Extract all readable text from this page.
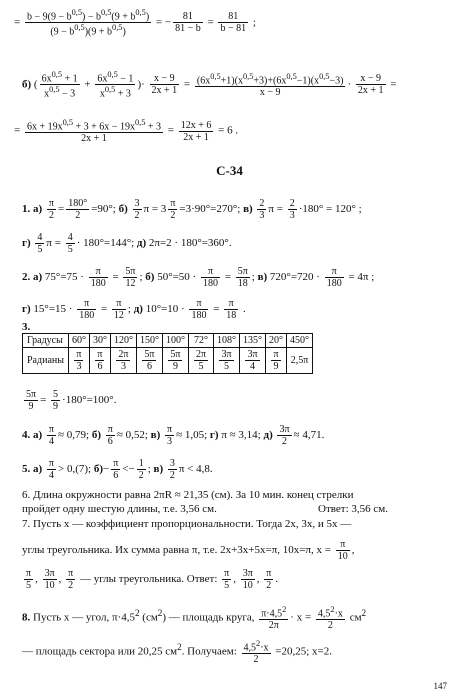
= $\frac{b - 9(9 - b^{0,5}) - b^{0,5}(9 + b^{0,5})}{(9 - b^{0,5})(9 + b^{0,5})}$ = − $\frac{81}{81 - b} = \frac{81}{b - 81}$ ;
б) ( $\frac{6x^{0,5} + 1}{x^{0,5} - 3} + \frac{6x^{0,5} - 1}{x^{0,5} + 3}$ )· $\frac{x - 9}{2x + 1} = \frac{(6x^{0,5}+1)(x^{0,5}+3)+(6x^{0,5}-1)(x^{0,5}-3)}{x - 9} \cdot \frac{x - 9}{2x + 1}$ =
= $\frac{6x + 19x^{0,5} + 3 + 6x - 19x^{0,5} + 3}{2x + 1} = \frac{12x + 6}{2x + 1} = 6$ .
С-34
1. $а) \frac{\pi}{2} = \frac{180^\circ}{2} =90^\circ$; $б) \frac{3}{2}$ $\pi = 3 \frac{\pi}{2} =3\cdot 90^\circ=270^\circ$; $в) \frac{2}{3}$ $\pi = \frac{2}{3} \cdot 180^\circ = 120^\circ$ ;
$г) \frac{4}{5}$ $\pi = \frac{4}{5} \cdot 180^\circ=144^\circ$; д) 2π=2 · 180°=360°.
2. а) $75^\circ=75 \cdot \frac{\pi}{180} = \frac{5\pi}{12}$ ; б) $50^\circ=50 \cdot \frac{\pi}{180} = \frac{5\pi}{18}$ ; в) $720^\circ=720 \cdot \frac{\pi}{180} = 4\pi$ ;
г) $15^\circ=15 \cdot \frac{\pi}{180} = \frac{\pi}{12}$ ; д) $10^\circ=10 \cdot \frac{\pi}{180} = \frac{\pi}{18}$ .
3.
Градусы	60°	30°	120°	150°	100°	72°	108°	135°	20°	450°
Радианы	$\frac{\pi}{3}$	$\frac{\pi}{6}$	$\frac{2\pi}{3}$	$\frac{5\pi}{6}$	$\frac{5\pi}{9}$	$\frac{2\pi}{5}$	$\frac{3\pi}{5}$	$\frac{3\pi}{4}$	$\frac{\pi}{9}$	2,5π
$\frac{5\pi}{9} = \frac{5}{9} \cdot 180^\circ=100^\circ$.
4. $а) \frac{\pi}{4} \approx 0,79$; $б) \frac{\pi}{6} \approx 0,52$; $в) \frac{\pi}{3} \approx 1,05$; г) π ≈ 3,14; $д) \frac{3\pi}{2} \approx 4,71$.
5. $а) \frac{\pi}{4} > 0,(7)$; $б)- \frac{\pi}{6} <- \frac{1}{2}$ ; $в) \frac{3}{2}$ π < 4,8.
6. Длина окружности равна 2πR ≈ 21,35 (см). За 10 мин. конец стрелки
пройдет одну шестую длины, т.е. 3,56 см.	Ответ: 3,56 см.
7. Пусть x — коэффициент пропорциональности. Тогда 2x, 3x, и 5x —
углы треугольника. Их сумма равна π, т.е. 2x+3x+5x=π, 10x=π, $x = \frac{\pi}{10}$ ,
$\frac{\pi}{5}$ , $\frac{3\pi}{10}$ , $\frac{\pi}{2}$ — углы треугольника. Ответ: $\frac{\pi}{5}$ , $\frac{3\pi}{10}$ , $\frac{\pi}{2}$ .
8. Пусть x — угол, $\pi\cdot 4,5^2$ $(см^2)$ — площадь круга, $\frac{\pi\cdot 4,5^2}{2\pi} \cdot x = \frac{4,5^2\cdot x}{2} см^2$
— площадь сектора или 20,25 $см^2$. Получаем: $\frac{4,5^2\cdot x}{2} =20,25$; x=2.
147
